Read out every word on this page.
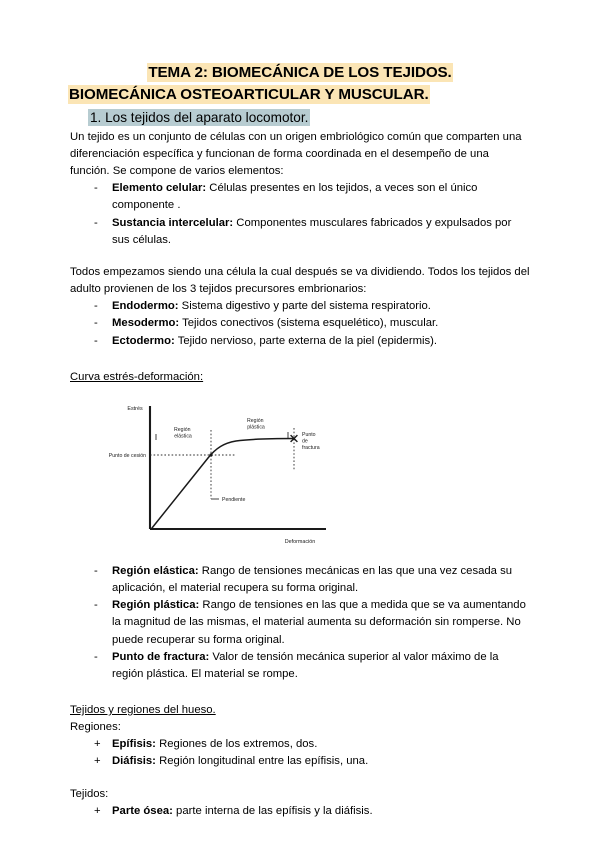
TEMA 2: BIOMECÁNICA DE LOS TEJIDOS.
BIOMECÁNICA OSTEOARTICULAR Y MUSCULAR.
1. Los tejidos del aparato locomotor.

Un tejido es un conjunto de células con un origen embriológico común que comparten una diferenciación específica y funcionan de forma coordinada en el desempeño de una función. Se compone de varios elementos:

- Elemento celular: Células presentes en los tejidos, a veces son el único componente .
- Sustancia intercelular: Componentes musculares fabricados y expulsados por sus células.

Todos empezamos siendo una célula la cual después se va dividiendo. Todos los tejidos del adulto provienen de los 3 tejidos precursores embrionarios:

- Endodermo: Sistema digestivo y parte del sistema respiratorio.
- Mesodermo: Tejidos conectivos (sistema esquelético), muscular.
- Ectodermo: Tejido nervioso, parte externa de la piel (epidermis).

Curva estrés-deformación:

Estrés
Deformación
Punto de cesión
Región elástica
Región plástica
Punto de fractura
Pendiente
- Región elástica: Rango de tensiones mecánicas en las que una vez cesada su aplicación, el material recupera su forma original.
- Región plástica: Rango de tensiones en las que a medida que se va aumentando la magnitud de las mismas, el material aumenta su deformación sin romperse. No puede recuperar su forma original.
- Punto de fractura: Valor de tensión mecánica superior al valor máximo de la región plástica. El material se rompe.

Tejidos y regiones del hueso.

Regiones:

+ Epífisis: Regiones de los extremos, dos.
+ Diáfisis: Región longitudinal entre las epífisis, una.

Tejidos:

+ Parte ósea: parte interna de las epífisis y la diáfisis.
